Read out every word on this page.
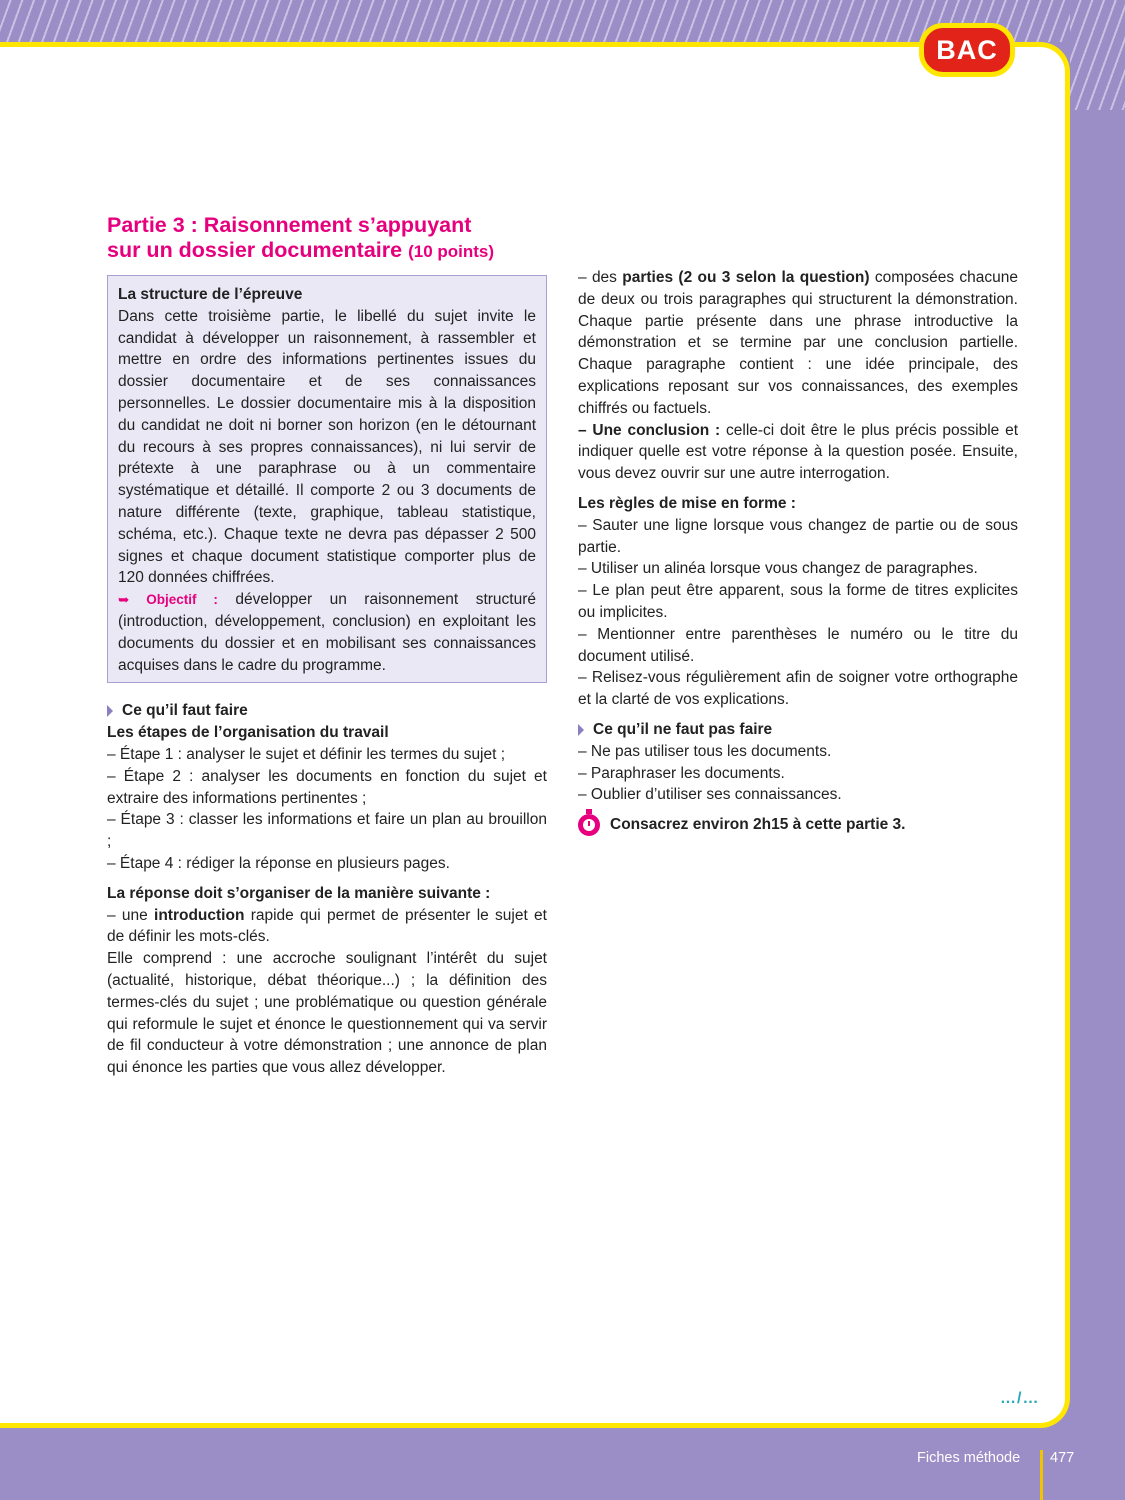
BAC
Partie 3 : Raisonnement s’appuyant
sur un dossier documentaire (10 points)

La structure de l’épreuve

Dans cette troisième partie, le libellé du sujet invite le candidat à développer un raisonnement, à rassembler et mettre en ordre des informations pertinentes issues du dossier documentaire et de ses connaissances personnelles. Le dossier documentaire mis à la disposition du candidat ne doit ni borner son horizon (en le détournant du recours à ses propres connaissances), ni lui servir de prétexte à une paraphrase ou à un commentaire systématique et détaillé. Il comporte 2 ou 3 documents de nature différente (texte, graphique, tableau statistique, schéma, etc.). Chaque texte ne devra pas dépasser 2 500 signes et chaque document statistique comporter plus de 120 données chiffrées.

➥ Objectif : développer un raisonnement structuré (introduction, développement, conclusion) en exploitant les documents du dossier et en mobilisant ses connaissances acquises dans le cadre du programme.

Ce qu’il faut faire

Les étapes de l’organisation du travail

– Étape 1 : analyser le sujet et définir les termes du sujet ;

– Étape 2 : analyser les documents en fonction du sujet et extraire des informations pertinentes ;

– Étape 3 : classer les informations et faire un plan au brouillon ;

– Étape 4 : rédiger la réponse en plusieurs pages.

La réponse doit s’organiser de la manière suivante :

– une introduction rapide qui permet de présenter le sujet et de définir les mots-clés.

Elle comprend : une accroche soulignant l’intérêt du sujet (actualité, historique, débat théorique...) ; la définition des termes-clés du sujet ; une problématique ou question générale qui reformule le sujet et énonce le questionnement qui va servir de fil conducteur à votre démonstration ; une annonce de plan qui énonce les parties que vous allez développer.

– des parties (2 ou 3 selon la question) composées chacune de deux ou trois paragraphes qui structurent la démonstration. Chaque partie présente dans une phrase introductive la démonstration et se termine par une conclusion partielle. Chaque paragraphe contient : une idée principale, des explications reposant sur vos connaissances, des exemples chiffrés ou factuels.

– Une conclusion : celle-ci doit être le plus précis possible et indiquer quelle est votre réponse à la question posée. Ensuite, vous devez ouvrir sur une autre interrogation.

Les règles de mise en forme :

– Sauter une ligne lorsque vous changez de partie ou de sous partie.

– Utiliser un alinéa lorsque vous changez de paragraphes.

– Le plan peut être apparent, sous la forme de titres explicites ou implicites.

– Mentionner entre parenthèses le numéro ou le titre du document utilisé.

– Relisez-vous régulièrement afin de soigner votre orthographe et la clarté de vos explications.

Ce qu’il ne faut pas faire

– Ne pas utiliser tous les documents.

– Paraphraser les documents.

– Oublier d’utiliser ses connaissances.

Consacrez environ 2h15 à cette partie 3.

…/…
Fiches méthode 477
